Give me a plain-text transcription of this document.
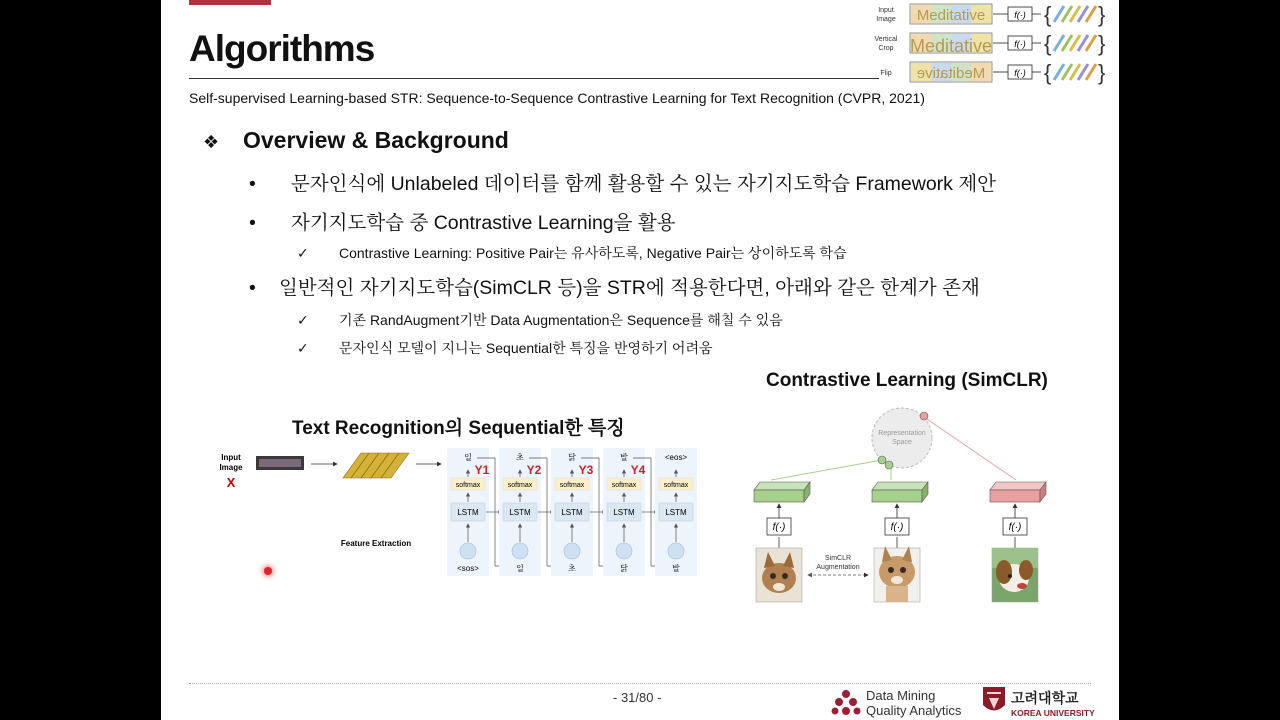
Algorithms
Self-supervised Learning-based STR: Sequence-to-Sequence Contrastive Learning for Text Recognition (CVPR, 2021)
Input
Image Meditative	f(·) { }
Vertical
Crop Meditative f(·) { }
Flip Meditative	f(·) { }
❖ Overview & Background
• 문자인식에 Unlabeled 데이터를 함께 활용할 수 있는 자기지도학습 Framework 제안
• 자기지도학습 중 Contrastive Learning을 활용
✓ Contrastive Learning: Positive Pair는 유사하도록, Negative Pair는 상이하도록 학습
• 일반적인 자기지도학습(SimCLR 등)을 STR에 적용한다면, 아래와 같은 한계가 존재
✓ 기존 RandAugment기반 Data Augmentation은 Sequence를 해칠 수 있음
✓ 문자인식 모델이 지니는 Sequential한 특징을 반영하기 어려움
Contrastive Learning (SimCLR)
Text Recognition의 Sequential한 특징
Input
Image
X
Feature Extraction
softmax
LSTM
일
<sos>
Y1
softmax
LSTM
초
일
Y2
softmax
LSTM
닭
초
Y3
softmax
LSTM
발
닭
Y4
softmax
LSTM
<eos>
발
Representation
Space
f(·)	f(·)	f(·)
SimCLR
Augmentation
- 31/80 -	Data Mining
Quality Analytics
고려대학교
KOREA UNIVERSITY
